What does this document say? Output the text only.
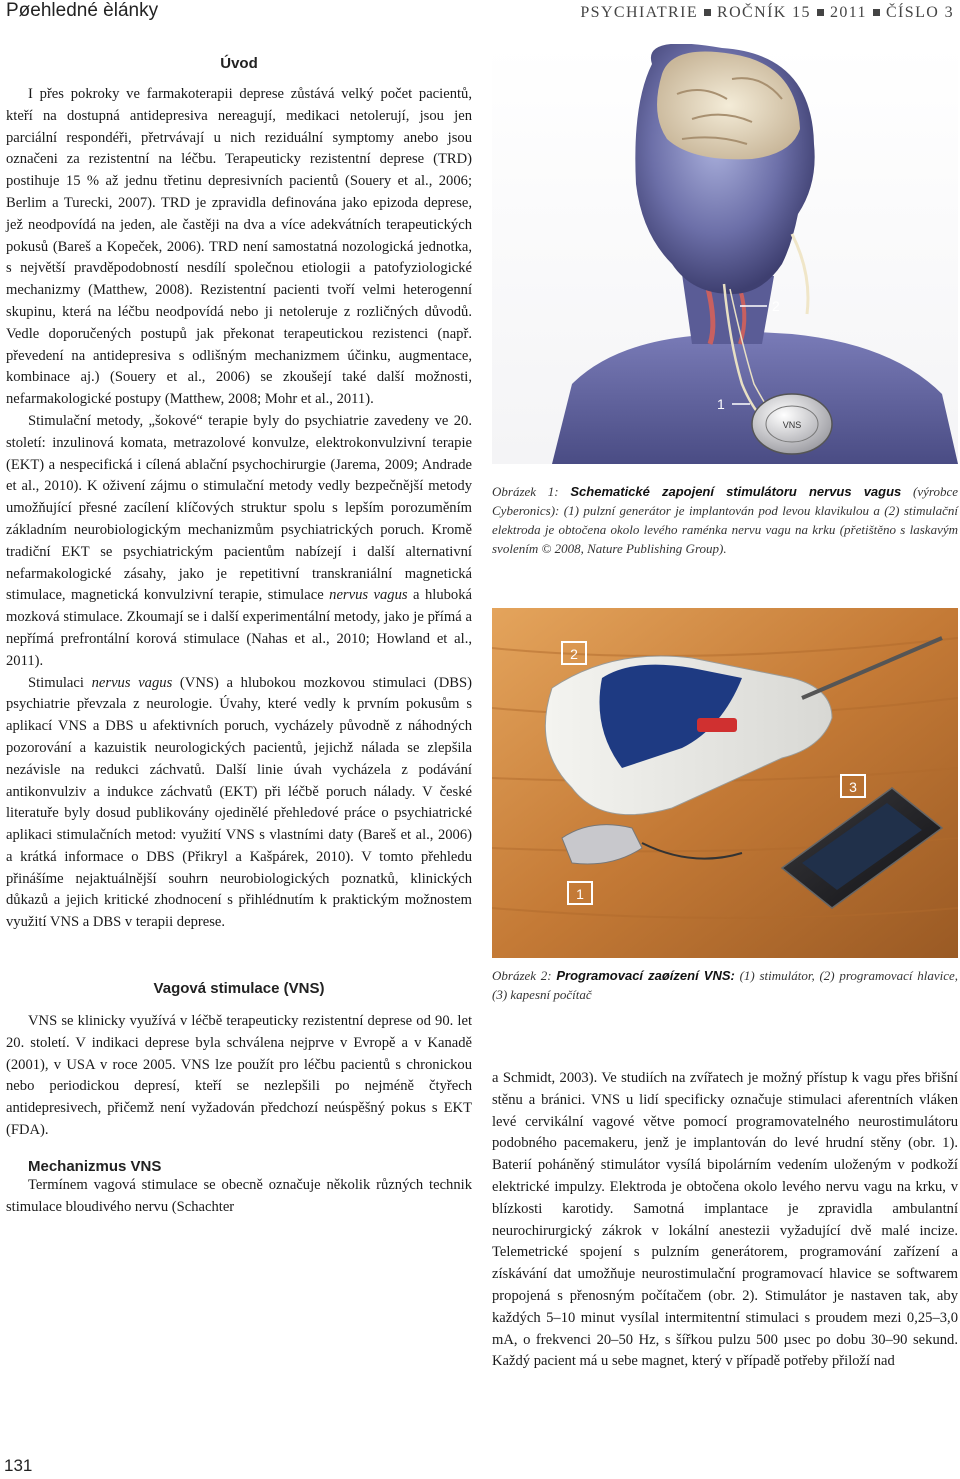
Pøehledné èlánky	PSYCHIATRIE ROČNÍK 15 2011 ČÍSLO 3
Úvod

I přes pokroky ve farmakoterapii deprese zůstává velký počet pacientů, kteří na dostupná antidepresiva nereagují, medikaci netolerují, jsou jen parciální respondéři, přetrvávají u nich reziduální symptomy anebo jsou označeni za rezistentní na léčbu. Terapeuticky rezistentní deprese (TRD) postihuje 15 % až jednu třetinu depresivních pacientů (Souery et al., 2006; Berlim a Turecki, 2007). TRD je zpravidla definována jako epizoda deprese, jež neodpovídá na jeden, ale častěji na dva a více adekvátních terapeutických pokusů (Bareš a Kopeček, 2006). TRD není samostatná nozologická jednotka, s největší pravděpodobností nesdílí společnou etiologii a patofyziologické mechanizmy (Matthew, 2008). Rezistentní pacienti tvoří velmi heterogenní skupinu, která na léčbu neodpovídá nebo ji netoleruje z rozličných důvodů. Vedle doporučených postupů jak překonat terapeutickou rezistenci (např. převedení na antidepresiva s odlišným mechanizmem účinku, augmentace, kombinace aj.) (Souery et al., 2006) se zkoušejí také další možnosti, nefarmakologické postupy (Matthew, 2008; Mohr et al., 2011).

Stimulační metody, „šokové“ terapie byly do psychiatrie zavedeny ve 20. století: inzulinová komata, metrazolové konvulze, elektrokonvulzivní terapie (EKT) a nespecifická i cílená ablační psychochirurgie (Jarema, 2009; Andrade et al., 2010). K oživení zájmu o stimulační metody vedly bezpečnější metody umožňující přesné zacílení klíčových struktur spolu s lepším porozuměním základním neurobiologickým mechanizmům psychiatrických poruch. Kromě tradiční EKT se psychiatrickým pacientům nabízejí i další alternativní nefarmakologické zásahy, jako je repetitivní transkraniální magnetická stimulace, magnetická konvulzivní terapie, stimulace nervus vagus a hluboká mozková stimulace. Zkoumají se i další experimentální metody, jako je přímá a nepřímá prefrontální korová stimulace (Nahas et al., 2010; Howland et al., 2011).

Stimulaci nervus vagus (VNS) a hlubokou mozkovou stimulaci (DBS) psychiatrie převzala z neurologie. Úvahy, které vedly k prvním pokusům s aplikací VNS a DBS u afektivních poruch, vycházely původně z náhodných pozorování a kazuistik neurologických pacientů, jejichž nálada se zlepšila nezávisle na redukci záchvatů. Další linie úvah vycházela z podávání antikonvulziv a indukce záchvatů (EKT) při léčbě poruch nálady. V české literatuře byly dosud publikovány ojedinělé přehledové práce o psychiatrické aplikaci stimulačních metod: využití VNS s vlastními daty (Bareš et al., 2006) a krátká informace o DBS (Přikryl a Kašpárek, 2010). V tomto přehledu přinášíme nejaktuálnější souhrn neurobiologických poznatků, klinických důkazů a jejich kritické zhodnocení s přihlédnutím k praktickým možnostem využití VNS a DBS v terapii deprese.

Vagová stimulace (VNS)

VNS se klinicky využívá v léčbě terapeuticky rezistentní deprese od 90. let 20. století. V indikaci deprese byla schválena nejprve v Evropě a v Kanadě (2001), v USA v roce 2005. VNS lze použít pro léčbu pacientů s chronickou nebo periodickou depresí, kteří se nezlepšili po nejméně čtyřech antidepresivech, přičemž není vyžadován předchozí neúspěšný pokus s EKT (FDA).

Mechanizmus VNS

Termínem vagová stimulace se obecně označuje několik různých technik stimulace bloudivého nervu (Schachter

VNS
2
1
Obrázek 1: Schematické zapojení stimulátoru nervus vagus (výrobce Cyberonics): (1) pulzní generátor je implantován pod levou klavikulou a (2) stimulační elektroda je obtočena okolo levého raménka nervu vagu na krku (přetištěno s laskavým svolením © 2008, Nature Publishing Group).
2
3
1
Obrázek 2: Programovací zaøízení VNS: (1) stimulátor, (2) programovací hlavice, (3) kapesní počítač

a Schmidt, 2003). Ve studiích na zvířatech je možný přístup k vagu přes břišní stěnu a bránici. VNS u lidí specificky označuje stimulaci aferentních vláken levé cervikální vagové větve pomocí programovatelného neurostimulátoru podobného pacemakeru, jenž je implantován do levé hrudní stěny (obr. 1). Baterií poháněný stimulátor vysílá bipolárním vedením uloženým v podkoží elektrické impulzy. Elektroda je obtočena okolo levého nervu vagu na krku, v blízkosti karotidy. Samotná implantace je zpravidla ambulantní neurochirurgický zákrok v lokální anestezii vyžadující dvě malé incize. Telemetrické spojení s pulzním generátorem, programování zařízení a získávání dat umožňuje neurostimulační programovací hlavice se softwarem propojená s přenosným počítačem (obr. 2). Stimulátor je nastaven tak, aby každých 5–10 minut vysílal intermitentní stimulaci s proudem mezi 0,25–3,0 mA, o frekvenci 20–50 Hz, s šířkou pulzu 500 µsec po dobu 30–90 sekund. Každý pacient má u sebe magnet, který v případě potřeby přiloží nad

131
